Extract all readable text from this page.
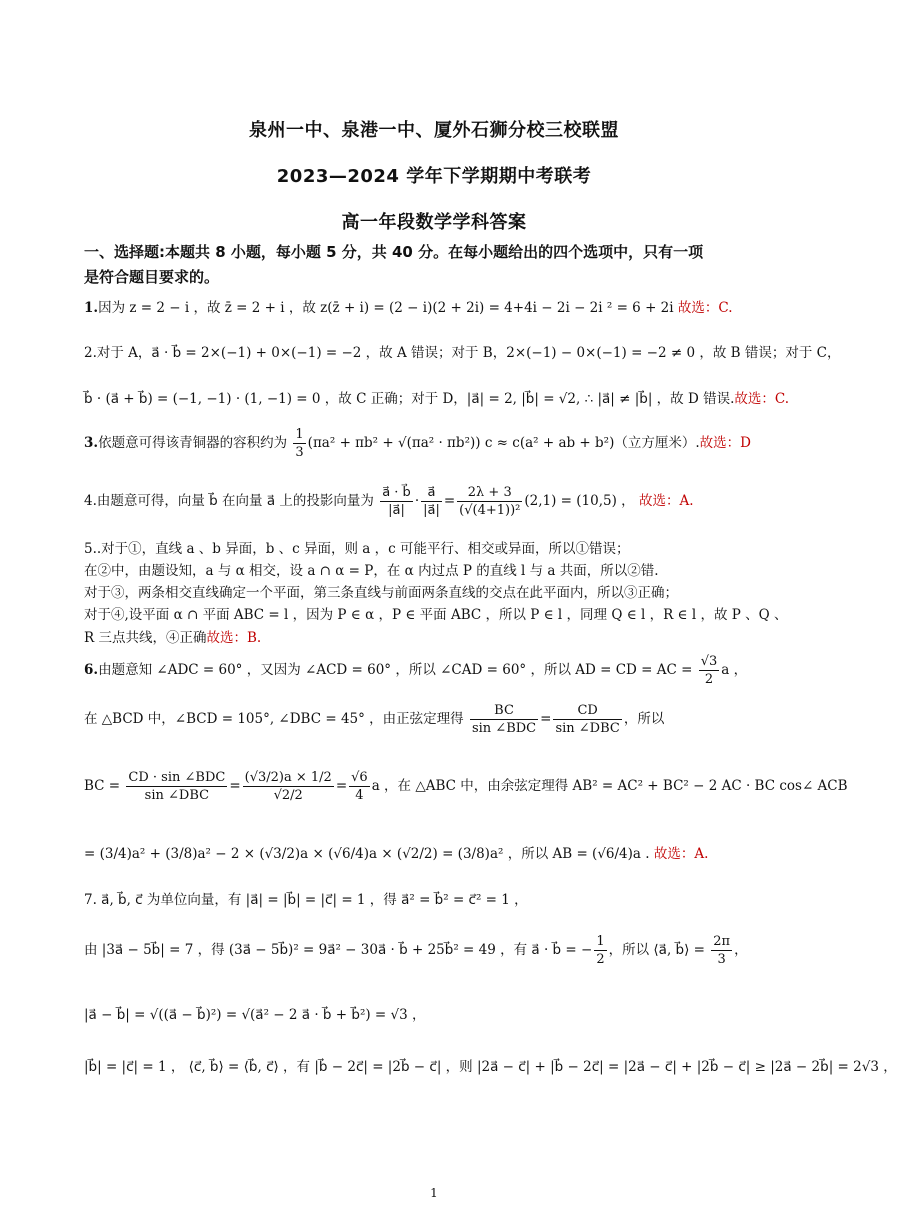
泉州一中、泉港一中、厦外石狮分校三校联盟
2023—2024 学年下学期期中考联考
高一年段数学学科答案
一、选择题:本题共 8 小题，每小题 5 分，共 40 分。在每小题给出的四个选项中，只有一项
是符合题目要求的。
1.因为 z = 2 − i ，故 z̄ = 2 + i ，故 z(z̄ + i) = (2 − i)(2 + 2i) = 4+4i − 2i − 2i ² = 6 + 2i 故选：C.
2.对于 A，a⃗ · b⃗ = 2×(−1) + 0×(−1) = −2 ，故 A 错误；对于 B，2×(−1) − 0×(−1) = −2 ≠ 0 ，故 B 错误；对于 C，
b⃗ · (a⃗ + b⃗) = (−1, −1) · (1, −1) = 0 ，故 C 正确；对于 D，|a⃗| = 2, |b⃗| = √2, ∴ |a⃗| ≠ |b⃗| ，故 D 错误.故选：C.
3.依题意可得该青铜器的容积约为 $\frac{1}{3} (\pi a^2 + \pi b^2 + √(\pi a^2 \cdot \pi b^2)) c \approx c(a^2$ + ab + b²)（立方厘米）.故选：D
4.由题意可得，向量 b⃗ 在向量 a⃗ 上的投影向量为 $\frac{a⃗ \cdot b⃗}{|a⃗|} \cdot \frac{a⃗}{|a⃗|} = \frac{2\lambda + 3}{\text{(√(4+1))²}} (2,1) = (10,5)$ ， 故选：A.
5..对于①，直线 a 、b 异面，b 、c 异面，则 a ，c 可能平行、相交或异面，所以①错误；
在②中，由题设知，a 与 α 相交，设 a ∩ α = P，在 α 内过点 P 的直线 l 与 a 共面，所以②错.
对于③，两条相交直线确定一个平面，第三条直线与前面两条直线的交点在此平面内，所以③正确；
对于④,设平面 α ∩ 平面 ABC = l ，因为 P ∈ α ，P ∈ 平面 ABC ，所以 P ∈ l ，同理 Q ∈ l ，R ∈ l ，故 P 、Q 、
R 三点共线，④正确故选：B.
6.由题意知 ∠ADC = 60° ，又因为 ∠ACD = 60° ，所以 ∠CAD = 60° ，所以 AD = CD = AC = $\frac{√3}{2}$ a ，
在 △BCD 中，∠BCD = 105°, ∠DBC = 45° ，由正弦定理得 $\frac{BC}{\text{sin ∠BDC}} = \frac{CD}{\text{sin ∠DBC}}$ ，所以
BC = $\frac{\text{CD · sin ∠BDC}}{\text{sin ∠DBC}} = \frac{(√3/2)a \times 1/2}{√2/2} = \frac{√6}{4}$ a ，在 △ABC 中，由余弦定理得 AB² = AC² + BC² − 2 AC · BC cos∠ ACB
= (3/4)a² + (3/8)a² − 2 × (√3/2)a × (√6/4)a × (√2/2) = (3/8)a² ，所以 AB = (√6/4)a . 故选：A.
7. a⃗, b⃗, c⃗ 为单位向量，有 |a⃗| = |b⃗| = |c⃗| = 1 ，得 a⃗² = b⃗² = c⃗² = 1 ，
由 |3a⃗ − 5b⃗| = 7 ，得 (3a⃗ − 5b⃗)² = 9a⃗² − 30a⃗ · b⃗ + 25b⃗² = 49 ，有 a⃗ · b⃗ = − $\frac{1}{2}$ ，所以 ⟨a⃗, b⃗⟩ = $\frac{2\pi}{3}$ ，
|a⃗ − b⃗| = √((a⃗ − b⃗)²) = √(a⃗² − 2 a⃗ · b⃗ + b⃗²) = √3 ，
|b⃗| = |c⃗| = 1 ， ⟨c⃗, b⃗⟩ = ⟨b⃗, c⃗⟩ ，有 |b⃗ − 2c⃗| = |2b⃗ − c⃗| ，则 |2a⃗ − c⃗| + |b⃗ − 2c⃗| = |2a⃗ − c⃗| + |2b⃗ − c⃗| ≥ |2a⃗ − 2b⃗| = 2√3 ，
1
